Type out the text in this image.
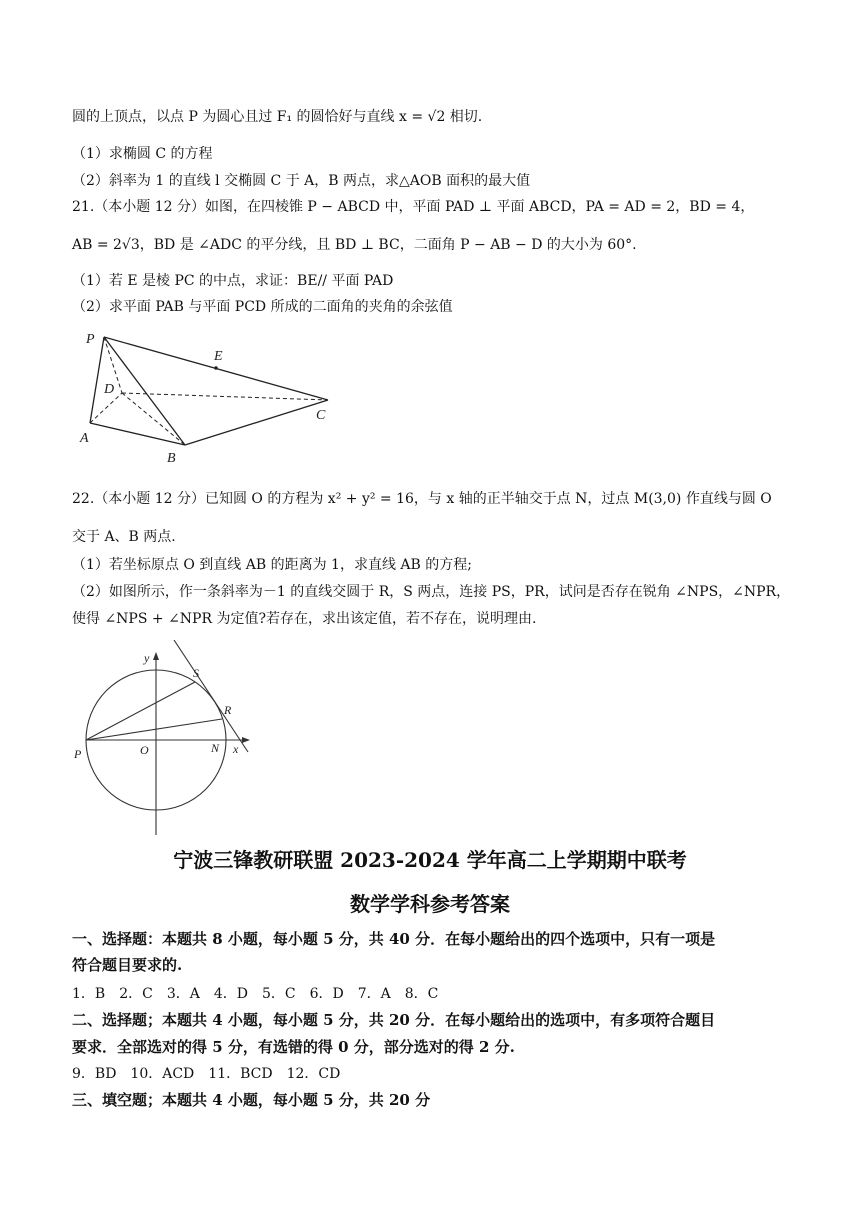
圆的上顶点，以点 P 为圆心且过 F₁ 的圆恰好与直线 x = √2 相切.
（1）求椭圆 C 的方程
（2）斜率为 1 的直线 l 交椭圆 C 于 A，B 两点，求△AOB 面积的最大值
21.（本小题 12 分）如图，在四棱锥 P − ABCD 中，平面 PAD ⊥ 平面 ABCD，PA = AD = 2，BD = 4，
AB = 2√3，BD 是 ∠ADC 的平分线，且 BD ⊥ BC，二面角 P − AB − D 的大小为 60°.
（1）若 E 是棱 PC 的中点，求证：BE// 平面 PAD
（2）求平面 PAB 与平面 PCD 所成的二面角的夹角的余弦值
P
D
E
C
A
B
22.（本小题 12 分）已知圆 O 的方程为 x² + y² = 16，与 x 轴的正半轴交于点 N，过点 M(3,0) 作直线与圆 O
交于 A、B 两点.
（1）若坐标原点 O 到直线 AB 的距离为 1，求直线 AB 的方程;
（2）如图所示，作一条斜率为－1 的直线交圆于 R，S 两点，连接 PS，PR，试问是否存在锐角 ∠NPS，∠NPR，
使得 ∠NPS + ∠NPR 为定值?若存在，求出该定值，若不存在，说明理由.
y
S
R
P	O	N x
宁波三锋教研联盟 2023-2024 学年高二上学期期中联考
数学学科参考答案
一、选择题：本题共 8 小题，每小题 5 分，共 40 分．在每小题给出的四个选项中，只有一项是
符合题目要求的.
1．B　2．C　3．A　4．D　5．C　6．D　7．A　8．C
二、选择题；本题共 4 小题，每小题 5 分，共 20 分．在每小题给出的选项中，有多项符合题目
要求．全部选对的得 5 分，有选错的得 0 分，部分选对的得 2 分.
9．BD　10．ACD　11．BCD　12．CD
三、填空题；本题共 4 小题，每小题 5 分，共 20 分
